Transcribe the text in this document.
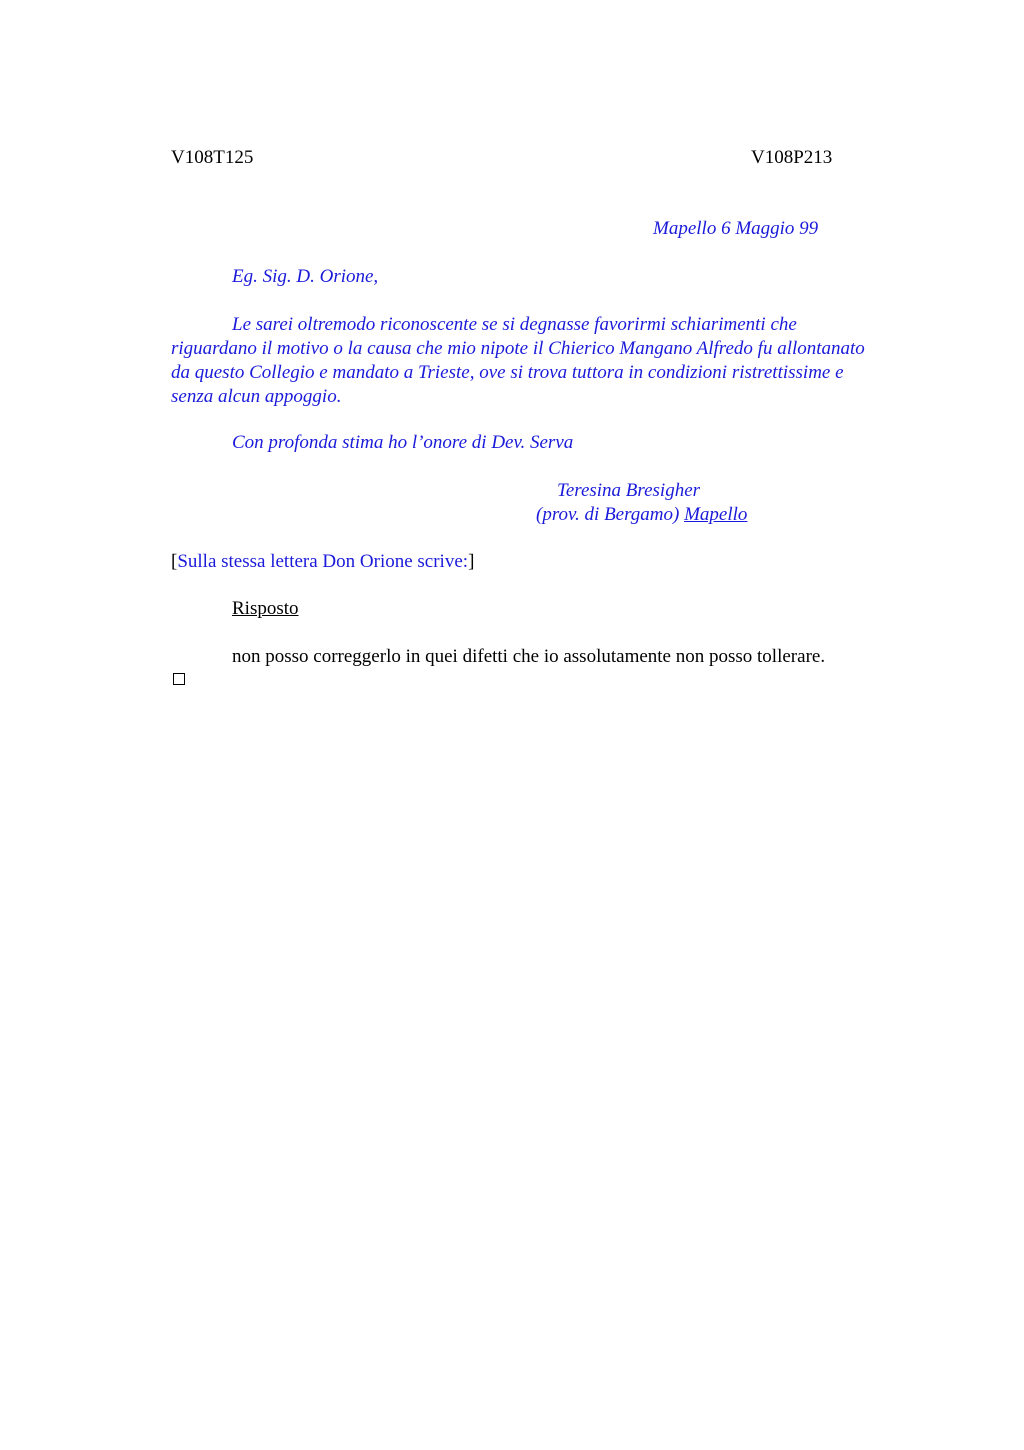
V108T125	V108P213
Mapello 6 Maggio 99
Eg. Sig. D. Orione,
Le sarei oltremodo riconoscente se si degnasse favorirmi schiarimenti che riguardano il motivo o la causa che mio nipote il Chierico Mangano Alfredo fu allontanato da questo Collegio e mandato a Trieste, ove si trova tuttora in condizioni ristrettissime e senza alcun appoggio.
Con profonda stima ho l’onore di Dev. Serva
Teresina Bresigher
(prov. di Bergamo) Mapello
[Sulla stessa lettera Don Orione scrive:]
Risposto
non posso correggerlo in quei difetti che io assolutamente non posso tollerare.
